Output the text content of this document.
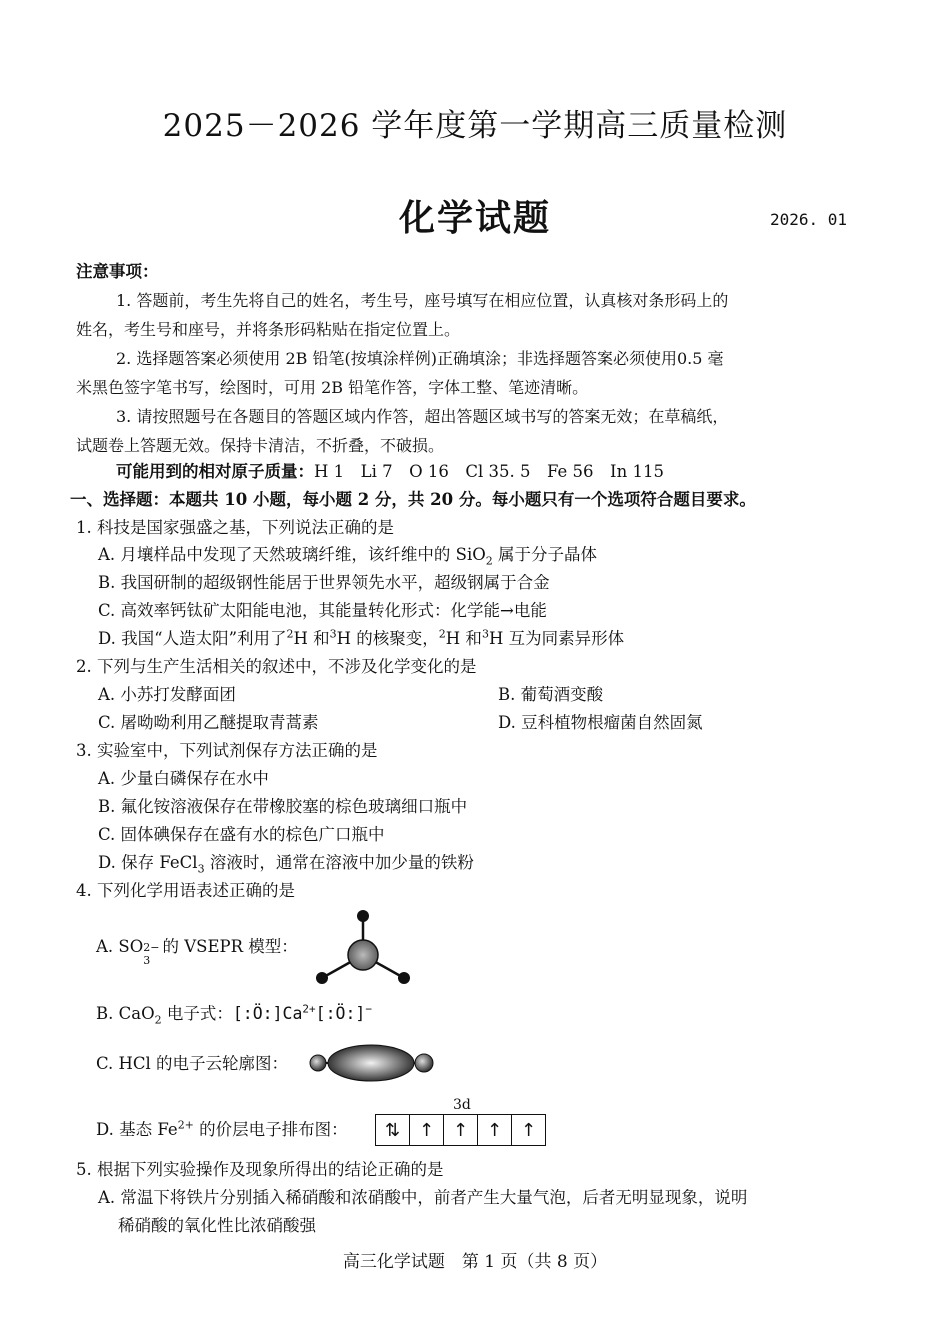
2025－2026 学年度第一学期高三质量检测
化学试题	2026. 01
注意事项：
1. 答题前，考生先将自己的姓名，考生号，座号填写在相应位置，认真核对条形码上的
姓名，考生号和座号，并将条形码粘贴在指定位置上。
2. 选择题答案必须使用 2B 铅笔(按填涂样例)正确填涂；非选择题答案必须使用0.5 毫
米黑色签字笔书写，绘图时，可用 2B 铅笔作答，字体工整、笔迹清晰。
3. 请按照题号在各题目的答题区域内作答，超出答题区域书写的答案无效；在草稿纸，
试题卷上答题无效。保持卡清洁，不折叠，不破损。
可能用到的相对原子质量：H 1　Li 7　O 16　Cl 35. 5　Fe 56　In 115
一、选择题：本题共 10 小题，每小题 2 分，共 20 分。每小题只有一个选项符合题目要求。
1. 科技是国家强盛之基，下列说法正确的是
A. 月壤样品中发现了天然玻璃纤维，该纤维中的 SiO$_2$ 属于分子晶体
B. 我国研制的超级钢性能居于世界领先水平，超级钢属于合金
C. 高效率钙钛矿太阳能电池，其能量转化形式：化学能→电能
D. 我国“人造太阳”利用了$^2$H 和$^3$H 的核聚变，$^2$H 和$^3$H 互为同素异形体
2. 下列与生产生活相关的叙述中，不涉及化学变化的是
A. 小苏打发酵面团	B. 葡萄酒变酸
C. 屠呦呦利用乙醚提取青蒿素	D. 豆科植物根瘤菌自然固氮
3. 实验室中，下列试剂保存方法正确的是
A. 少量白磷保存在水中
B. 氟化铵溶液保存在带橡胶塞的棕色玻璃细口瓶中
C. 固体碘保存在盛有水的棕色广口瓶中
D. 保存 FeCl$_3$ 溶液时，通常在溶液中加少量的铁粉
4. 下列化学用语表述正确的是
A. SO 2−
3
的 VSEPR 模型：
B. CaO$_2$ 电子式：$[:Ö:]Ca^{2+}[:Ö:]^-$
C. HCl 的电子云轮廓图：
3d
D. 基态 $Fe^{2+}$ 的价层电子排布图：	⇅	↑	↑	↑	↑
5. 根据下列实验操作及现象所得出的结论正确的是
A. 常温下将铁片分别插入稀硝酸和浓硝酸中，前者产生大量气泡，后者无明显现象，说明
稀硝酸的氧化性比浓硝酸强
高三化学试题　第 1 页（共 8 页）
